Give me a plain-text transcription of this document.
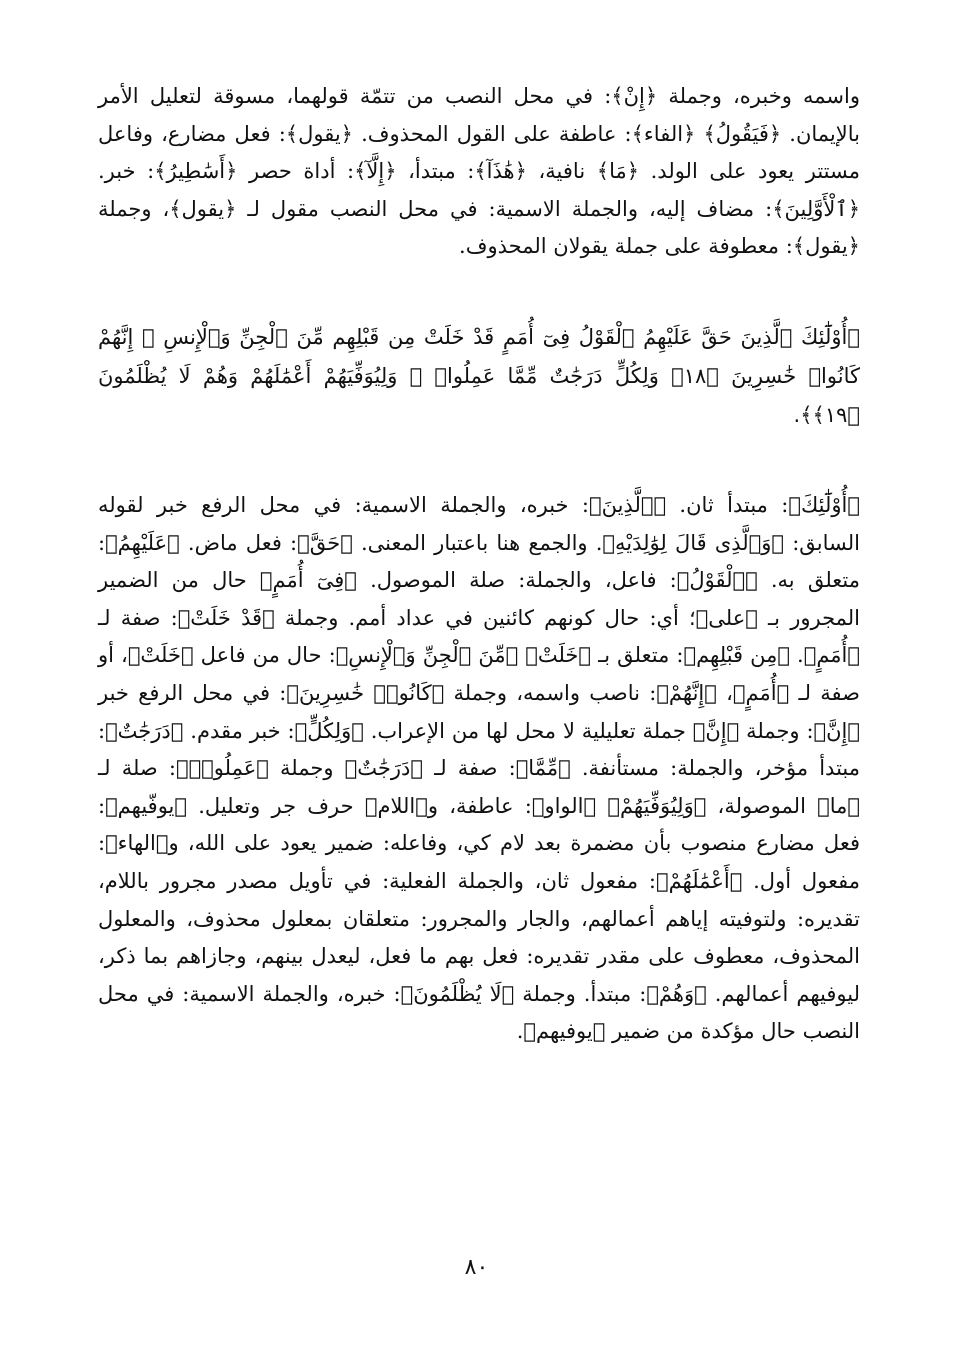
واسمه وخبره، وجملة ﴿إِنْ﴾: في محل النصب من تتمّة قولهما، مسوقة لتعليل الأمر بالإيمان. ﴿فَيَقُولُ﴾ ﴿الفاء﴾: عاطفة على القول المحذوف. ﴿يقول﴾: فعل مضارع، وفاعل مستتر يعود على الولد. ﴿مَا﴾ نافية، ﴿هَٰذَآ﴾: مبتدأ، ﴿إِلَّآ﴾: أداة حصر ﴿أَسَٰطِيرُ﴾: خبر. ﴿ٱلْأَوَّلِينَ﴾: مضاف إليه، والجملة الاسمية: في محل النصب مقول لـ ﴿يقول﴾، وجملة ﴿يقول﴾: معطوفة على جملة يقولان المحذوف.

﴿أُوْلَٰٓئِكَ ٱلَّذِينَ حَقَّ عَلَيْهِمُ ٱلْقَوْلُ فِىٓ أُمَمٍ قَدْ خَلَتْ مِن قَبْلِهِم مِّنَ ٱلْجِنِّ وَٱلْإِنسِ ۖ إِنَّهُمْ كَانُوا۟ خَٰسِرِينَ ﴿١٨﴾ وَلِكُلٍّ دَرَجَٰتٌ مِّمَّا عَمِلُوا۟ ۖ وَلِيُوَفِّيَهُمْ أَعْمَٰلَهُمْ وَهُمْ لَا يُظْلَمُونَ ﴿١٩﴾﴾.

﴿أُوْلَٰٓئِكَ﴾: مبتدأ ثان. ﴿ٱلَّذِينَ﴾: خبره، والجملة الاسمية: في محل الرفع خبر لقوله السابق: ﴿وَٱلَّذِى قَالَ لِوَٰلِدَيْهِ﴾. والجمع هنا باعتبار المعنى. ﴿حَقَّ﴾: فعل ماض. ﴿عَلَيْهِمُ﴾: متعلق به. ﴿ٱلْقَوْلُ﴾: فاعل، والجملة: صلة الموصول. ﴿فِىٓ أُمَمٍ﴾ حال من الضمير المجرور بـ ﴿على﴾؛ أي: حال كونهم كائنين في عداد أمم. وجملة ﴿قَدْ خَلَتْ﴾: صفة لـ ﴿أُمَمٍ﴾. ﴿مِن قَبْلِهِم﴾: متعلق بـ ﴿خَلَتْ﴾ ﴿مِّنَ ٱلْجِنِّ وَٱلْإِنسِ﴾: حال من فاعل ﴿خَلَتْ﴾، أو صفة لـ ﴿أُمَمٍ﴾، ﴿إِنَّهُمْ﴾: ناصب واسمه، وجملة ﴿كَانُوا۟ خَٰسِرِينَ﴾: في محل الرفع خبر ﴿إِنَّ﴾: وجملة ﴿إِنَّ﴾ جملة تعليلية لا محل لها من الإعراب. ﴿وَلِكُلٍّ﴾: خبر مقدم. ﴿دَرَجَٰتٌ﴾: مبتدأ مؤخر، والجملة: مستأنفة. ﴿مِّمَّا﴾: صفة لـ ﴿دَرَجَٰتٌ﴾ وجملة ﴿عَمِلُوا۟﴾: صلة لـ ﴿ما﴾ الموصولة، ﴿وَلِيُوَفِّيَهُمْ﴾ ﴿الواو﴾: عاطفة، و﴿اللام﴾ حرف جر وتعليل. ﴿يوفّيهم﴾: فعل مضارع منصوب بأن مضمرة بعد لام كي، وفاعله: ضمير يعود على الله، و﴿الهاء﴾: مفعول أول. ﴿أَعْمَٰلَهُمْ﴾: مفعول ثان، والجملة الفعلية: في تأويل مصدر مجرور باللام، تقديره: ولتوفيته إياهم أعمالهم، والجار والمجرور: متعلقان بمعلول محذوف، والمعلول المحذوف، معطوف على مقدر تقديره: فعل بهم ما فعل، ليعدل بينهم، وجازاهم بما ذكر، ليوفيهم أعمالهم. ﴿وَهُمْ﴾: مبتدأ. وجملة ﴿لَا يُظْلَمُونَ﴾: خبره، والجملة الاسمية: في محل النصب حال مؤكدة من ضمير ﴿يوفيهم﴾.

٨٠
